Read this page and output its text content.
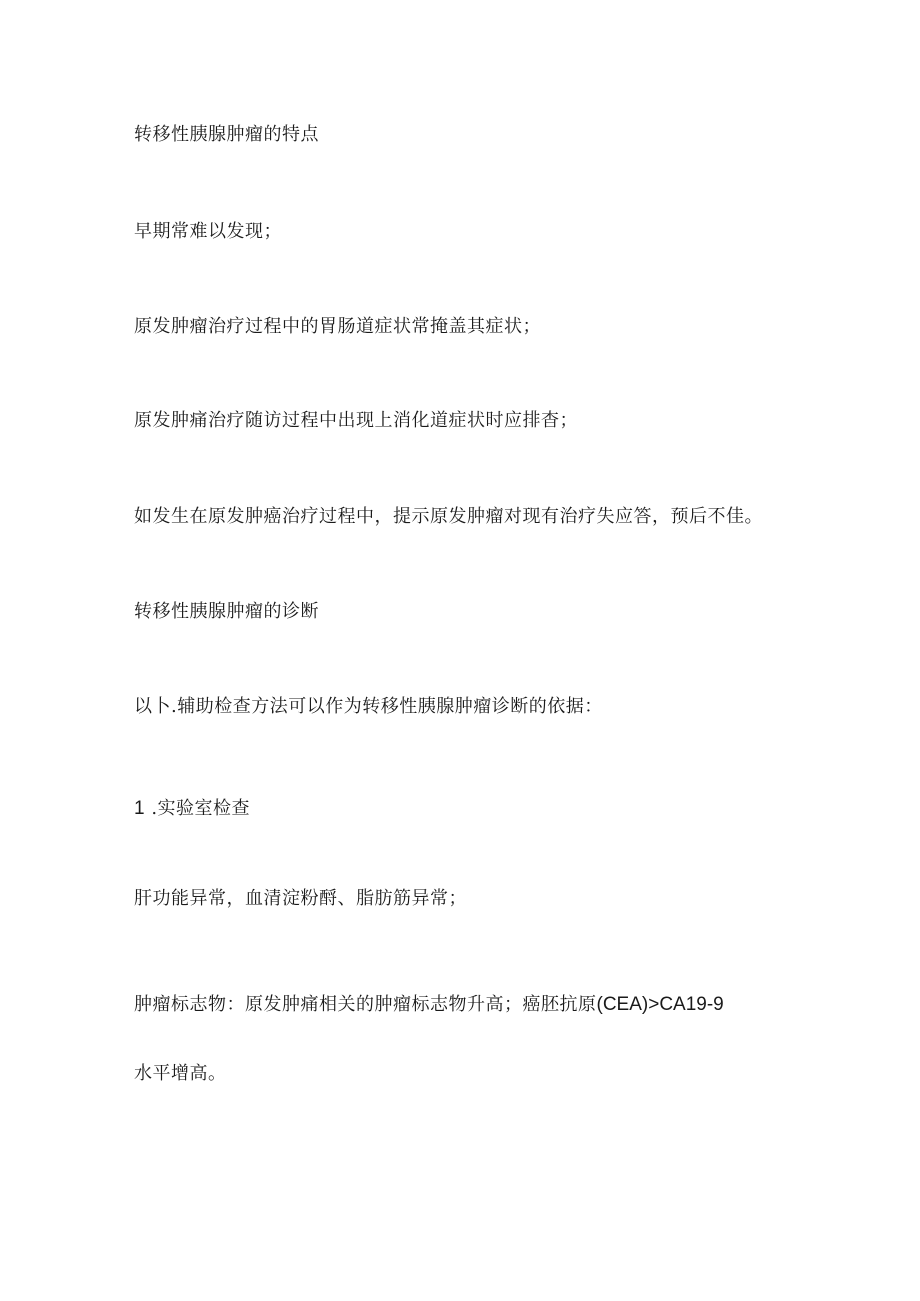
转移性胰腺肿瘤的特点
早期常难以发现；
原发肿瘤治疗过程中的胃肠道症状常掩盖其症状；
原发肿痛治疗随访过程中出现上消化道症状时应排杳；
如发生在原发肿癌治疗过程中，提示原发肿瘤对现有治疗失应答，预后不佳。
转移性胰腺肿瘤的诊断
以卜.辅助检查方法可以作为转移性胰腺肿瘤诊断的依据：
1 .实验室检查
肝功能异常，血清淀粉酹、脂肪筋异常；
肿瘤标志物：原发肿痛相关的肿瘤标志物升高；癌胚抗原(CEA)>CA19-9
水平增高。
